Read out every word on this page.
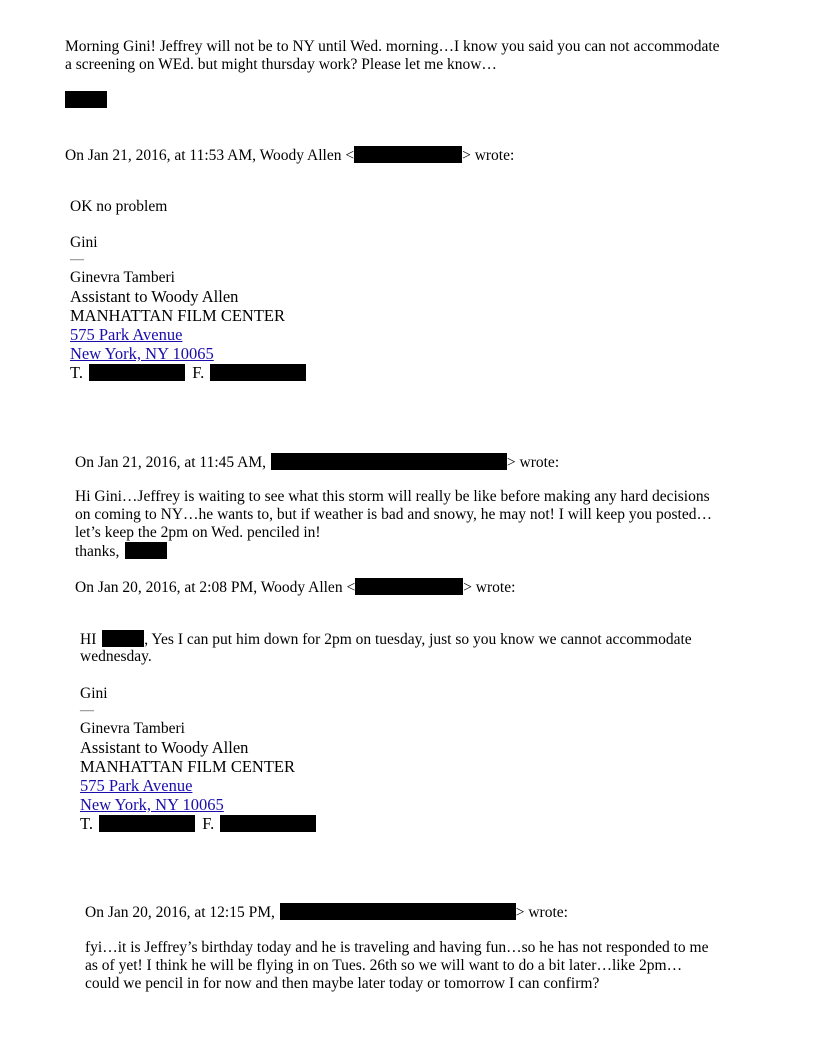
Morning Gini! Jeffrey will not be to NY until Wed. morning…I know you said you can not accommodate
a screening on WEd. but might thursday work? Please let me know…
On Jan 21, 2016, at 11:53 AM, Woody Allen <	> wrote:
OK no problem
Gini
—
Ginevra Tamberi
Assistant to Woody Allen
MANHATTAN FILM CENTER
575 Park Avenue
New York, NY 10065
T.	F.
On Jan 21, 2016, at 11:45 AM,	> wrote:
Hi Gini…Jeffrey is waiting to see what this storm will really be like before making any hard decisions
on coming to NY…he wants to, but if weather is bad and snowy, he may not! I will keep you posted…
let’s keep the 2pm on Wed. penciled in!
thanks,
On Jan 20, 2016, at 2:08 PM, Woody Allen <	> wrote:
HI	, Yes I can put him down for 2pm on tuesday, just so you know we cannot accommodate
wednesday.
Gini
—
Ginevra Tamberi
Assistant to Woody Allen
MANHATTAN FILM CENTER
575 Park Avenue
New York, NY 10065
T.	F.
On Jan 20, 2016, at 12:15 PM,	> wrote:
fyi…it is Jeffrey’s birthday today and he is traveling and having fun…so he has not responded to me
as of yet! I think he will be flying in on Tues. 26th so we will want to do a bit later…like 2pm…
could we pencil in for now and then maybe later today or tomorrow I can confirm?
